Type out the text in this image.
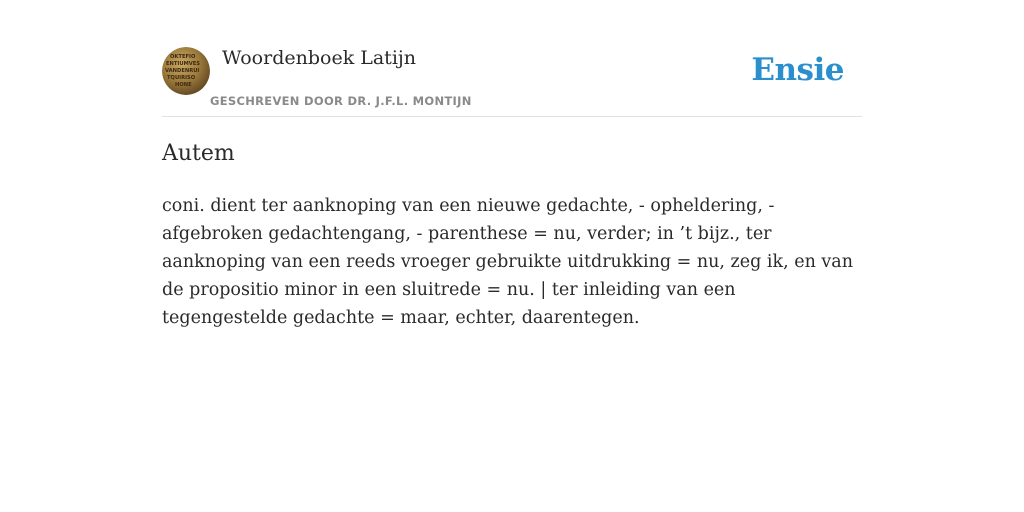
OKTEFIO
ENTIUMVES
VANDENRUI
TQUIRISO
HONE
Woordenboek Latijn
GESCHREVEN DOOR DR. J.F.L. MONTIJN
Ensie
Autem

coni. dient ter aanknoping van een nieuwe gedachte, - opheldering, - afgebroken gedachtengang, - parenthese = nu, verder; in ’t bijz., ter aanknoping van een reeds vroeger gebruikte uitdrukking = nu, zeg ik, en van de propositio minor in een sluitrede = nu. | ter inleiding van een tegengestelde gedachte = maar, echter, daarentegen.
